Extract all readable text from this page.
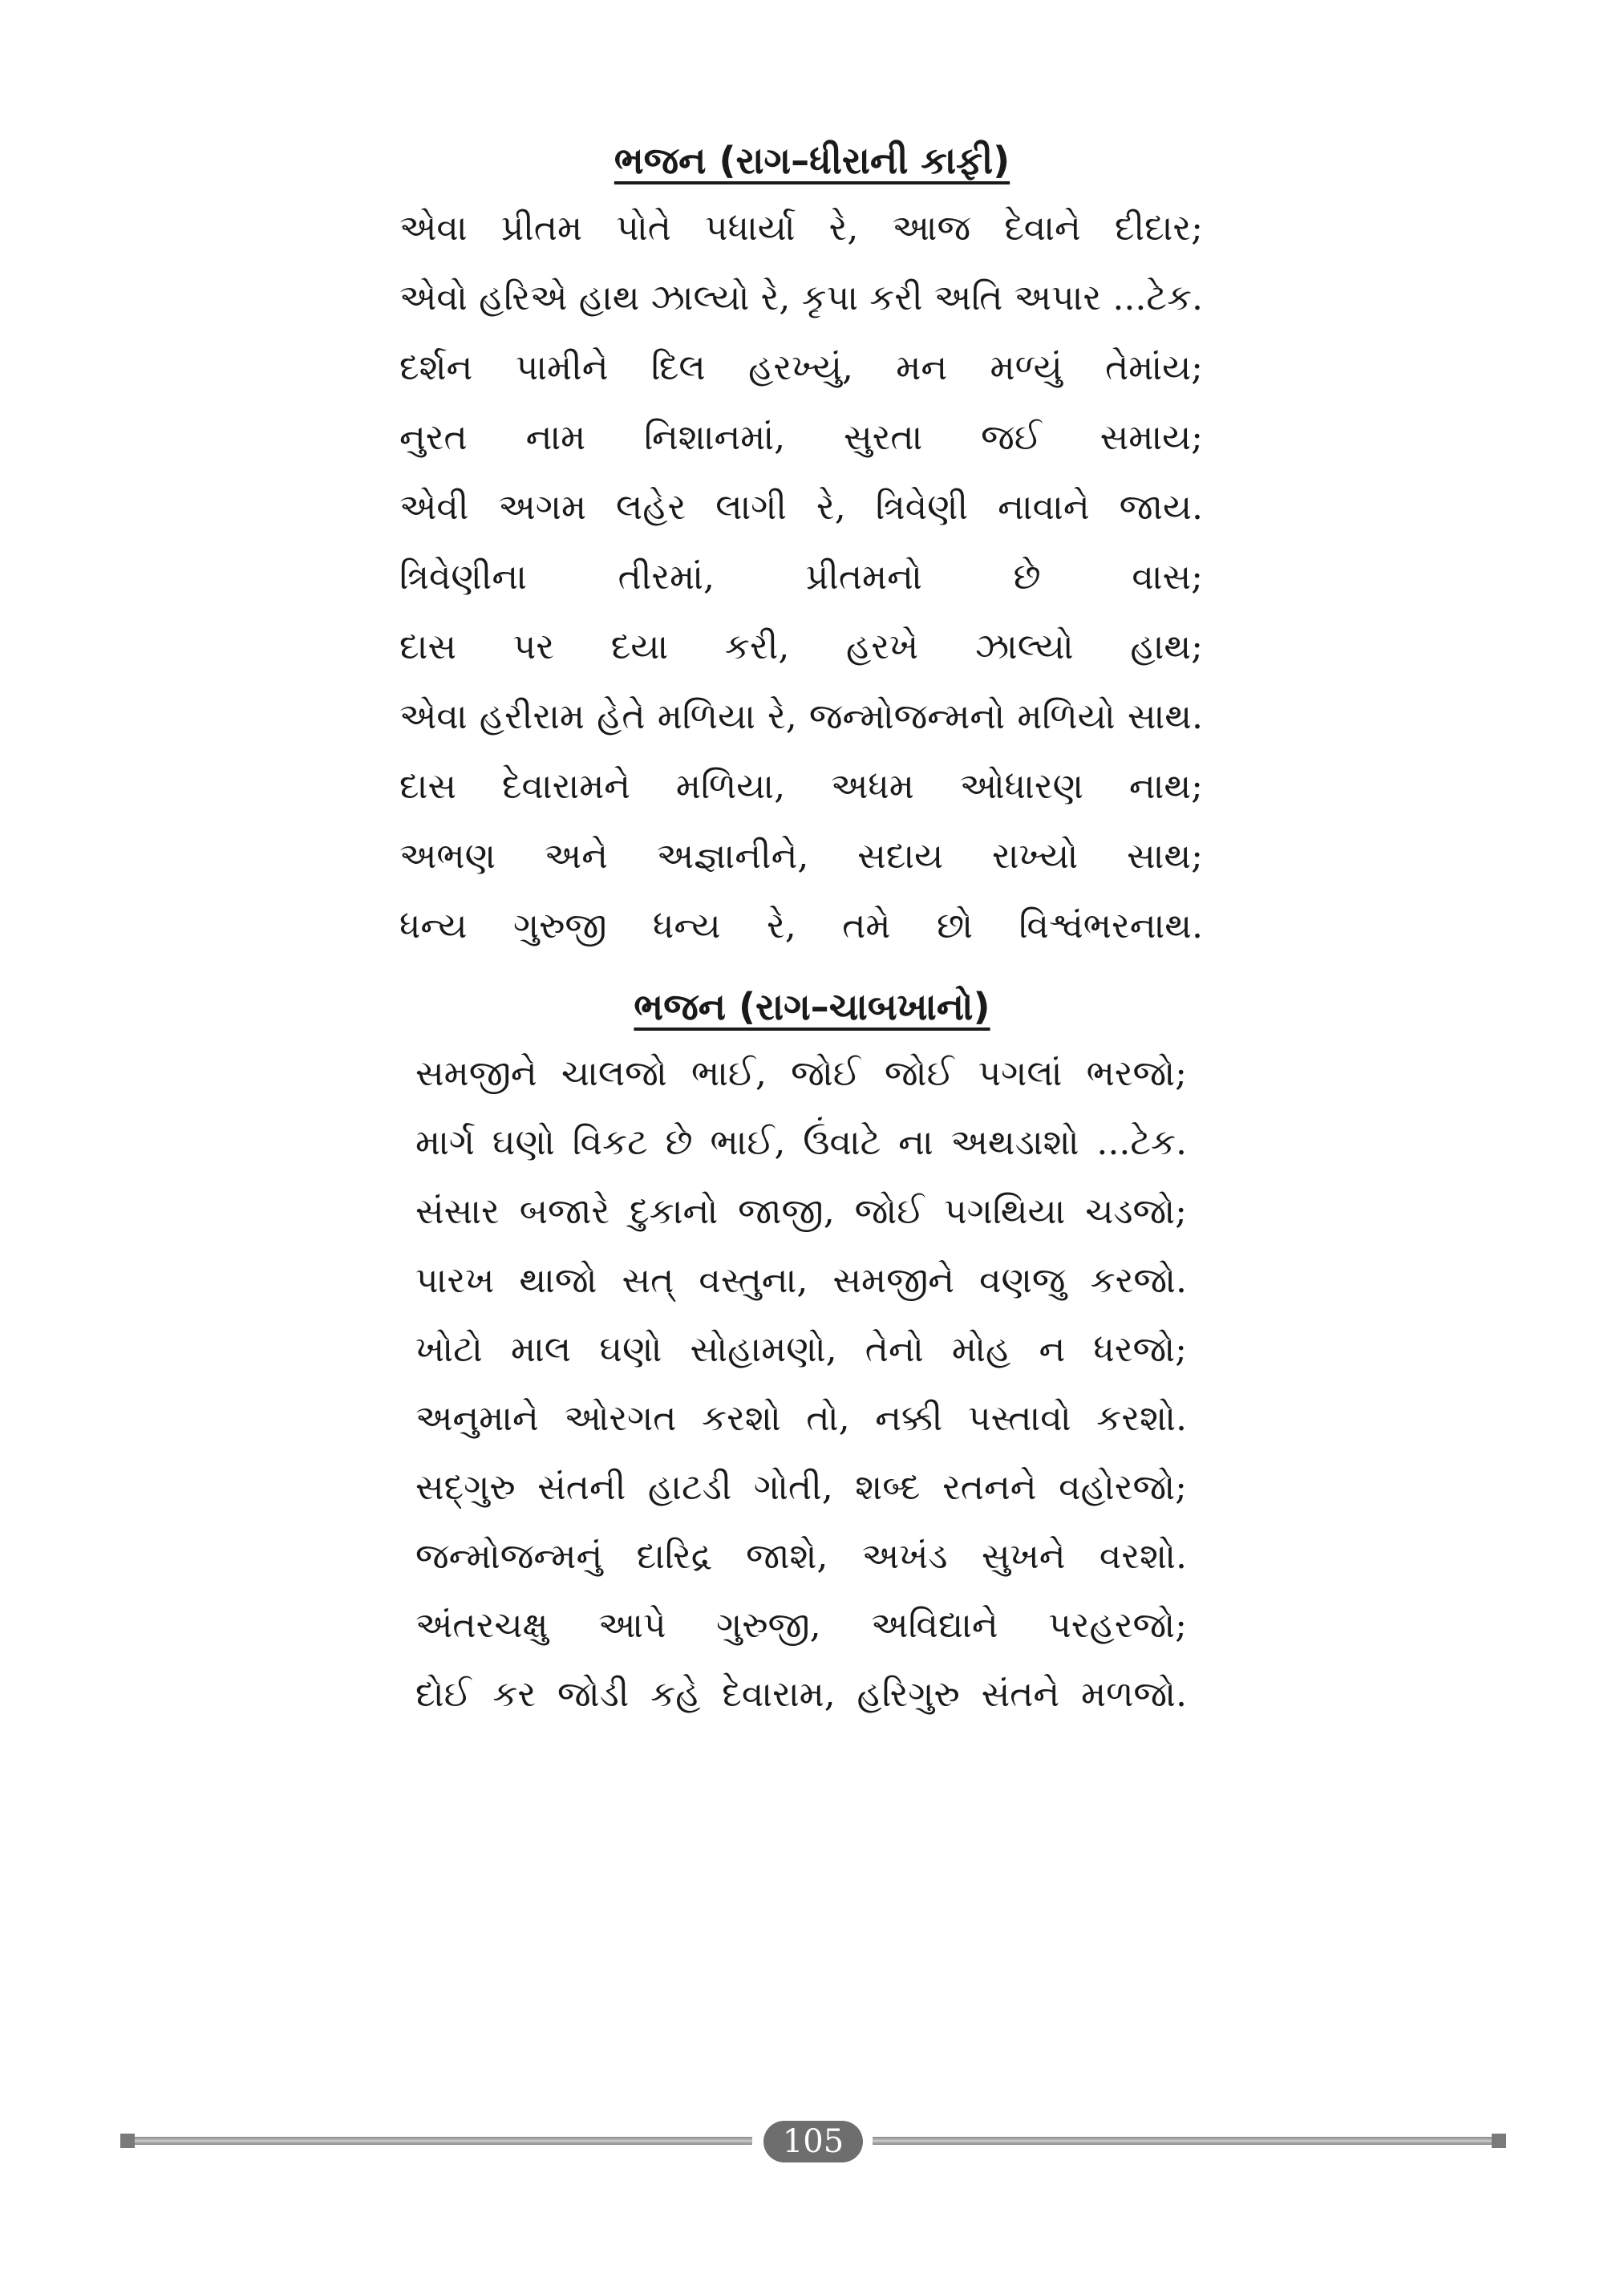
ભજન (રાગ–ધીરાની કાફી)
એવા પ્રીતમ પોતે પધાર્યા રે, આજ દેવાને દીદાર;
એવો હરિએ હાથ ઝાલ્યો રે, કૃપા કરી અતિ અપાર ...ટેક.
દર્શન પામીને દિલ હરખ્યું, મન મળ્યું તેમાંય;
નુરત નામ નિશાનમાં, સુરતા જઈ સમાય;
એવી અગમ લહેર લાગી રે, ત્રિવેણી નાવાને જાય.
ત્રિવેણીના તીરમાં, પ્રીતમનો છે વાસ;
દાસ પર દયા કરી, હરખે ઝાલ્યો હાથ;
એવા હરીરામ હેતે મળિયા રે, જન્મોજન્મનો મળિયો સાથ.
દાસ દેવારામને મળિયા, અધમ ઓધારણ નાથ;
અભણ અને અજ્ઞાનીને, સદાય રાખ્યો સાથ;
ધન્ય ગુરુજી ધન્ય રે, તમે છો વિશ્વંભરનાથ.
ભજન (રાગ–ચાબખાનો)
સમજીને ચાલજો ભાઈ, જોઈ જોઈ પગલાં ભરજો;
માર્ગ ઘણો વિકટ છે ભાઈ, ઉંવાટે ના અથડાશો ...ટેક.
સંસાર બજારે દુકાનો જાજી, જોઈ પગથિયા ચડજો;
પારખ થાજો સત્ વસ્તુના, સમજીને વણજુ કરજો.
ખોટો માલ ઘણો સોહામણો, તેનો મોહ ન ધરજો;
અનુમાને ઓરગત કરશો તો, નક્કી પસ્તાવો કરશો.
સદ્‌ગુરુ સંતની હાટડી ગોતી, શબ્દ રતનને વહોરજો;
જન્મોજન્મનું દારિદ્ર જાશે, અખંડ સુખને વરશો.
અંતરચક્ષુ આપે ગુરુજી, અવિદ્યાને પરહરજો;
દોઈ કર જોડી કહે દેવારામ, હરિગુરુ સંતને મળજો.
105
